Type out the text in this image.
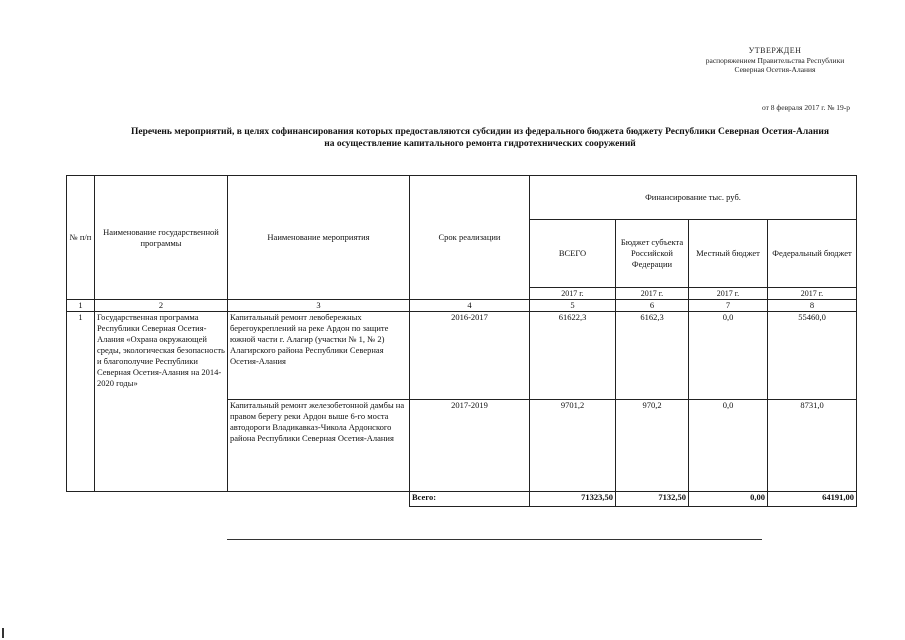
УТВЕРЖДЕН
распоряжением Правительства Республики
Северная Осетия-Алания
от 8 февраля 2017 г. № 19-р
Перечень мероприятий, в целях софинансирования которых предоставляются субсидии из федерального бюджета бюджету Республики Северная Осетия-Алания
на осуществление капитального ремонта гидротехнических сооружений
№ п/п	Наименование государственной программы	Наименование мероприятия	Срок реализации	Финансирование тыс. руб.			
				ВСЕГО	Бюджет субъекта Российской Федерации	Местный бюджет	Федеральный бюджет
				2017 г.	2017 г.	2017 г.	2017 г.
1	2	3	4	5	6	7	8
1	Государственная программа Республики Северная Осетия-Алания «Охрана окружающей среды, экологическая безопасность и благополучие Республики Северная Осетия-Алания на 2014-2020 годы»	Капитальный ремонт левобережных берегоукреплений на реке Ардон по защите южной части г. Алагир (участки № 1, № 2) Алагирского района Республики Северная Осетия-Алания	2016-2017	61622,3	6162,3	0,0	55460,0
		Капитальный ремонт железобетонной дамбы на правом берегу реки Ардон выше 6-го моста автодороги Владикавказ-Чикола Ардонского района Республики Северная Осетия-Алания	2017-2019	9701,2	970,2	0,0	8731,0
			Всего:	71323,50	7132,50	0,00	64191,00
